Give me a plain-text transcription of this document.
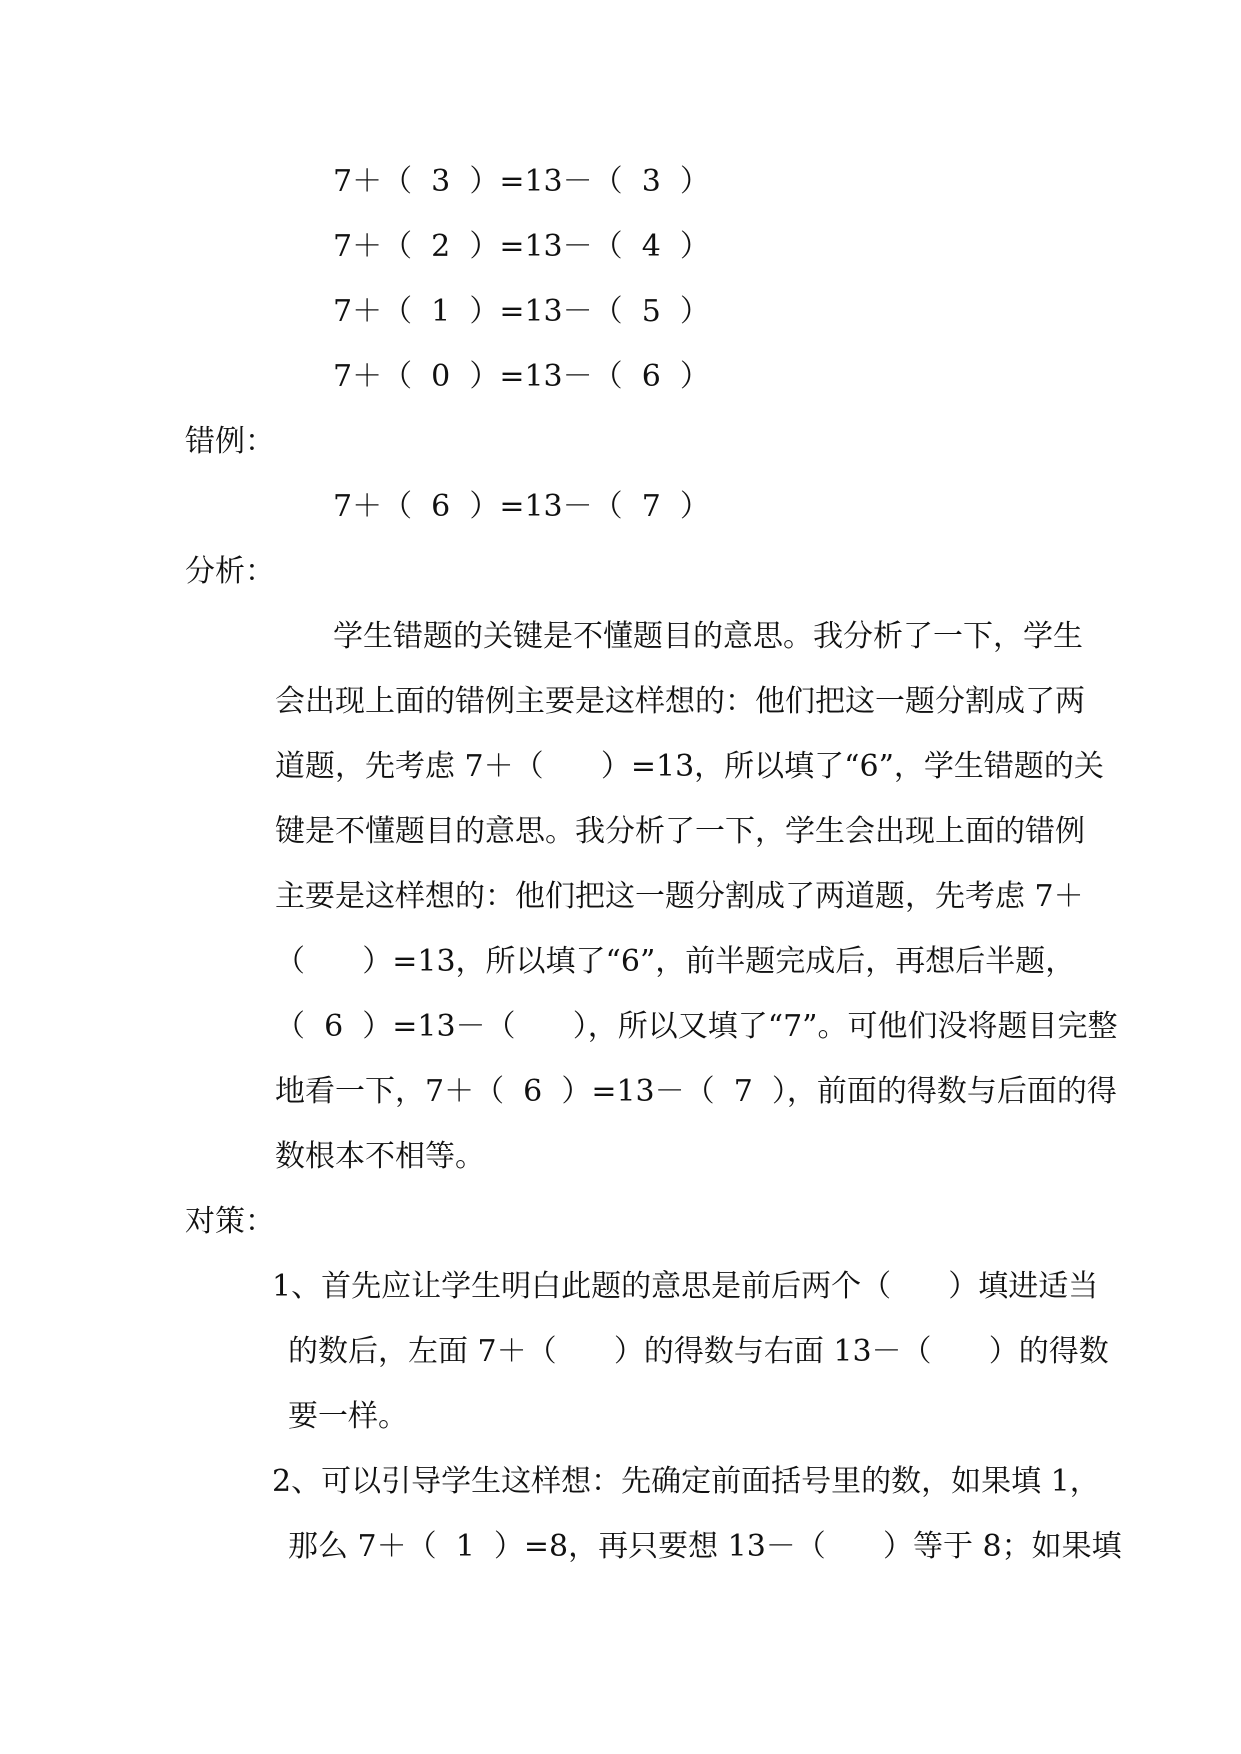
7＋（  3  ）=13－（  3  ）
7＋（  2  ）=13－（  4  ）
7＋（  1  ）=13－（  5  ）
7＋（  0  ）=13－（  6  ）
错例：
7＋（  6  ）=13－（  7  ）
分析：
学生错题的关键是不懂题目的意思。我分析了一下，学生
会出现上面的错例主要是这样想的：他们把这一题分割成了两
道题，先考虑 7＋（      ）=13，所以填了“6”，学生错题的关
键是不懂题目的意思。我分析了一下，学生会出现上面的错例
主要是这样想的：他们把这一题分割成了两道题，先考虑 7＋
（      ）=13，所以填了“6”，前半题完成后，再想后半题，
（  6  ）=13－（      ），所以又填了“7”。可他们没将题目完整
地看一下，7＋（  6  ）=13－（  7  ），前面的得数与后面的得
数根本不相等。
对策：
1、首先应让学生明白此题的意思是前后两个（      ）填进适当
的数后，左面 7＋（      ）的得数与右面 13－（      ）的得数
要一样。
2、可以引导学生这样想：先确定前面括号里的数，如果填 1，
那么 7＋（  1  ）=8，再只要想 13－（      ）等于 8；如果填
